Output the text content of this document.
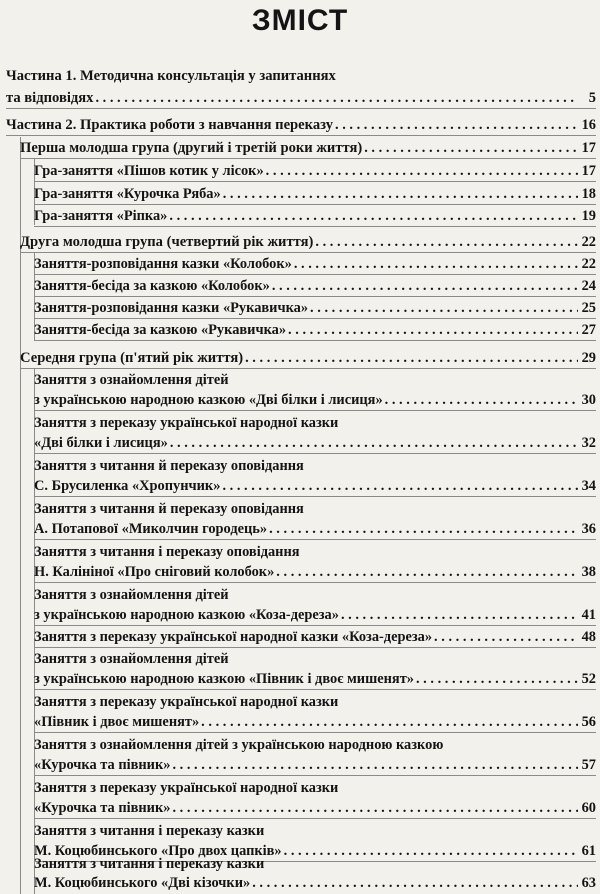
ЗМІСТ
Частина 1. Методична консультація у запитаннях
та відповідях . . .	5
Частина 2. Практика роботи з навчання переказу . . .	16
Перша молодша група (другий і третій роки життя) . . .	17
Гра-заняття «Пішов котик у лісок» . . .	17
Гра-заняття «Курочка Ряба» . . .	18
Гра-заняття «Ріпка» . . .	19
Друга молодша група (четвертий рік життя) . . .	22
Заняття-розповідання казки «Колобок» . . .	22
Заняття-бесіда за казкою «Колобок» . . .	24
Заняття-розповідання казки «Рукавичка» . . .	25
Заняття-бесіда за казкою «Рукавичка» . . .	27
Середня група (п'ятий рік життя) . . .	29
Заняття з ознайомлення дітей
з українською народною казкою «Дві білки і лисиця» . . .	30
Заняття з переказу української народної казки
«Дві білки і лисиця» . . .	32
Заняття з читання й переказу оповідання
С. Брусиленка «Хропунчик» . . .	34
Заняття з читання й переказу оповідання
А. Потапової «Миколчин городець» . . .	36
Заняття з читання і переказу оповідання
Н. Калініної «Про сніговий колобок» . . .	38
Заняття з ознайомлення дітей
з українською народною казкою «Коза-дереза» . . .	41
Заняття з переказу української народної казки «Коза-дереза» . . .	48
Заняття з ознайомлення дітей
з українською народною казкою «Півник і двоє мишенят» . . .	52
Заняття з переказу української народної казки
«Півник і двоє мишенят» . . .	56
Заняття з ознайомлення дітей з українською народною казкою
«Курочка та півник» . . .	57
Заняття з переказу української народної казки
«Курочка та півник» . . .	60
Заняття з читання і переказу казки
М. Коцюбинського «Про двох цапків» . . .	61
Заняття з читання і переказу казки
М. Коцюбинського «Дві кізочки» . . .	63
